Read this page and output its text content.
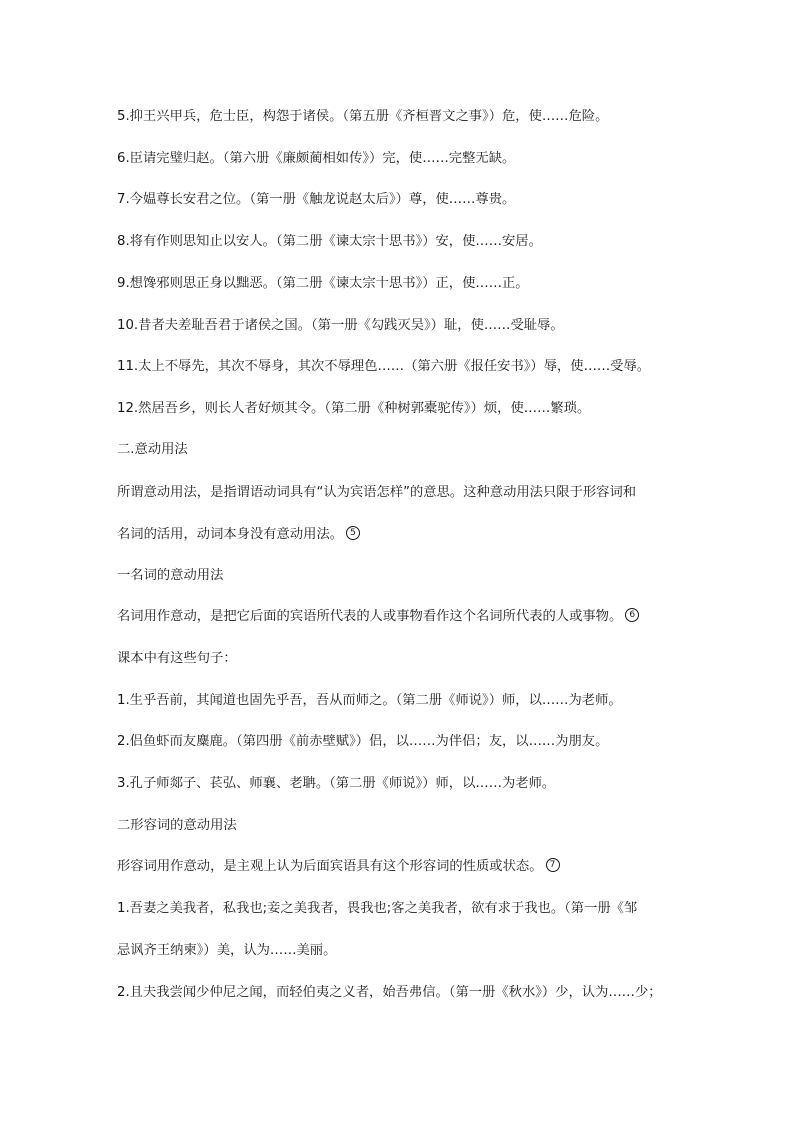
5.抑王兴甲兵，危士臣，构怨于诸侯。（第五册《齐桓晋文之事》）危，使……危险。
6.臣请完璧归赵。（第六册《廉颇蔺相如传》）完，使……完整无缺。
7.今媪尊长安君之位。（第一册《触龙说赵太后》）尊，使……尊贵。
8.将有作则思知止以安人。（第二册《谏太宗十思书》）安，使……安居。
9.想馋邪则思正身以黜恶。（第二册《谏太宗十思书》）正，使……正。
10.昔者夫差耻吾君于诸侯之国。（第一册《勾践灭吴》）耻，使……受耻辱。
11.太上不辱先，其次不辱身，其次不辱理色……（第六册《报任安书》）辱，使……受辱。
12.然居吾乡，则长人者好烦其令。（第二册《种树郭橐驼传》）烦，使……繁琐。
二.意动用法
所谓意动用法，是指谓语动词具有“认为宾语怎样”的意思。这种意动用法只限于形容词和
名词的活用，动词本身没有意动用法。 5
一名词的意动用法
名词用作意动，是把它后面的宾语所代表的人或事物看作这个名词所代表的人或事物。 6
课本中有这些句子：
1.生乎吾前，其闻道也固先乎吾，吾从而师之。（第二册《师说》）师，以……为老师。
2.侣鱼虾而友麋鹿。（第四册《前赤壁赋》）侣，以……为伴侣；友，以……为朋友。
3.孔子师郯子、苌弘、师襄、老聃。（第二册《师说》）师，以……为老师。
二形容词的意动用法
形容词用作意动，是主观上认为后面宾语具有这个形容词的性质或状态。 7
1.吾妻之美我者，私我也;妾之美我者，畏我也;客之美我者，欲有求于我也。（第一册《邹
忌讽齐王纳柬》）美，认为……美丽。
2.且夫我尝闻少仲尼之闻，而轻伯夷之义者，始吾弗信。（第一册《秋水》）少，认为……少；
